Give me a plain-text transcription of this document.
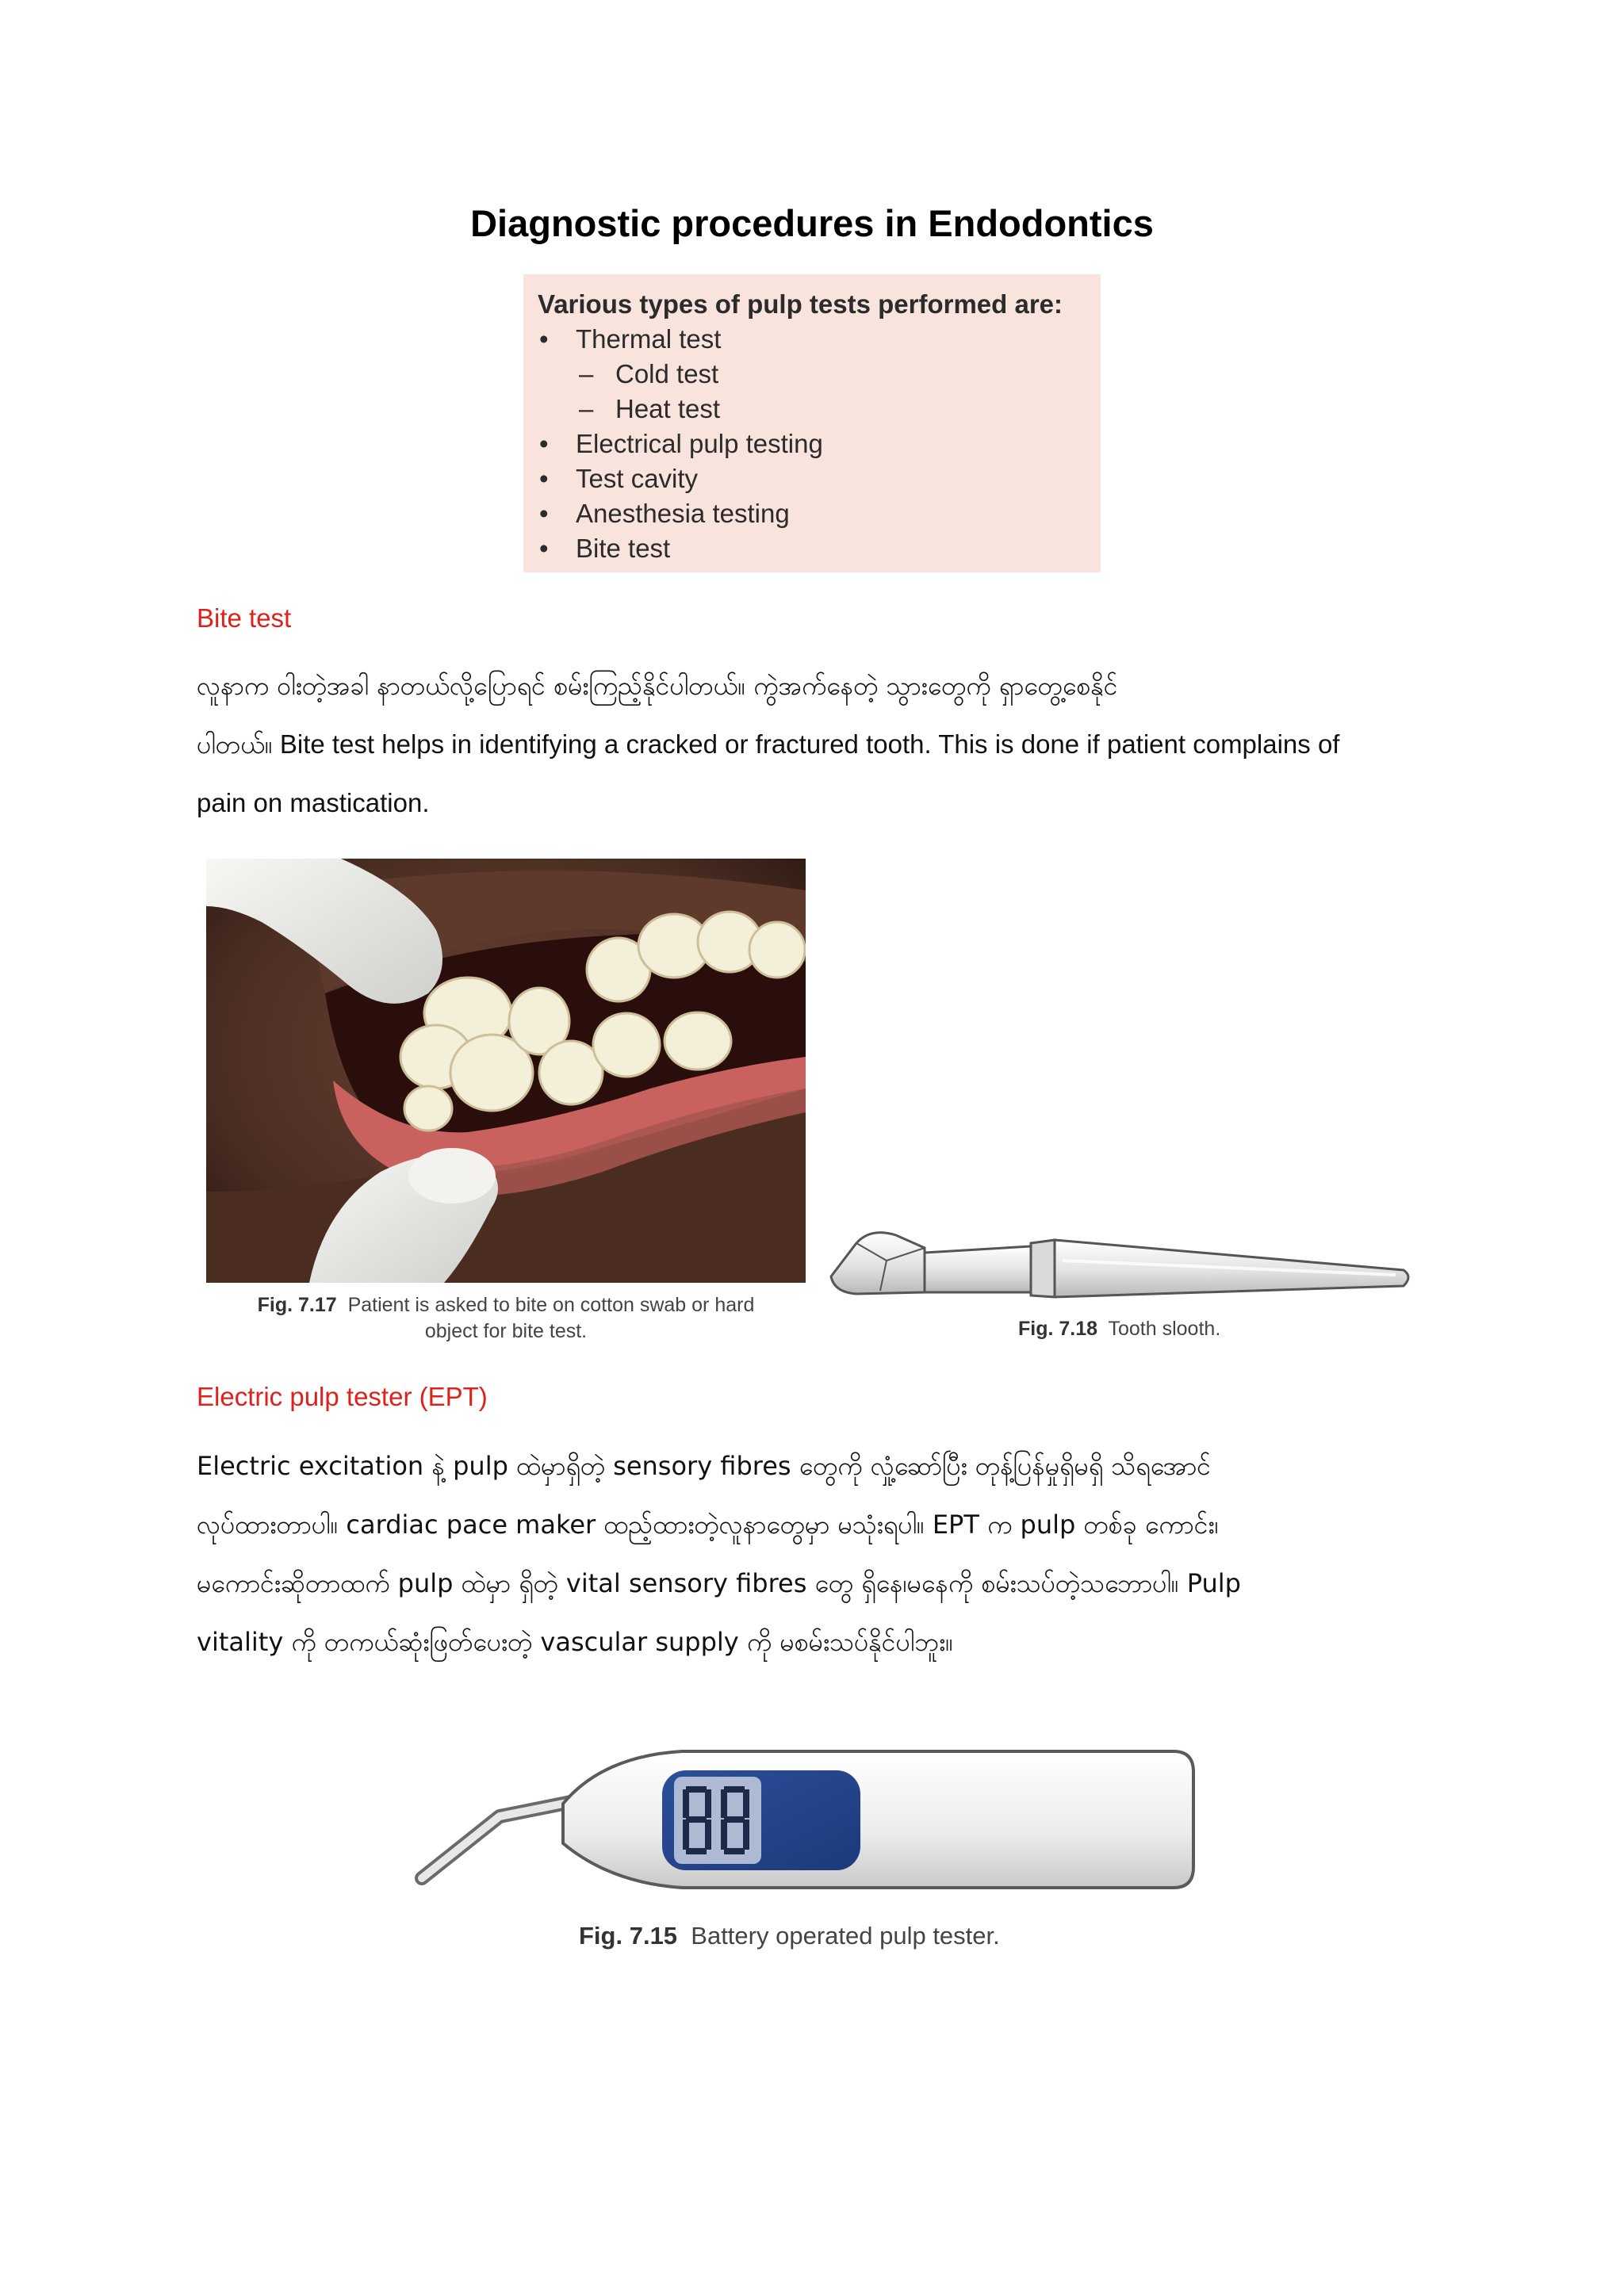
Diagnostic procedures in Endodontics
Various types of pulp tests performed are:
• Thermal test
– Cold test
– Heat test
• Electrical pulp testing
• Test cavity
• Anesthesia testing
• Bite test
Bite test
လူနာက ဝါးတဲ့အခါ နာတယ်လို့ပြောရင် စမ်းကြည့်နိုင်ပါတယ်။ ကွဲအက်နေတဲ့ သွားတွေကို ရှာတွေ့စေနိုင်
ပါတယ်။ Bite test helps in identifying a cracked or fractured tooth. This is done if patient complains of
pain on mastication.
Fig. 7.17 Patient is asked to bite on cotton swab or hard
object for bite test.	Fig. 7.18 Tooth slooth.
Electric pulp tester (EPT)
Electric excitation နဲ့ pulp ထဲမှာရှိတဲ့ sensory fibres တွေကို လှုံ့ဆော်ပြီး တုန့်ပြန်မှုရှိမရှိ သိရအောင်
လုပ်ထားတာပါ။ cardiac pace maker ထည့်ထားတဲ့လူနာတွေမှာ မသုံးရပါ။ EPT က pulp တစ်ခု ကောင်း၊
မကောင်းဆိုတာထက် pulp ထဲမှာ ရှိတဲ့ vital sensory fibres တွေ ရှိနေ၊မနေကို စမ်းသပ်တဲ့သဘောပါ။ Pulp
vitality ကို တကယ်ဆုံးဖြတ်ပေးတဲ့ vascular supply ကို မစမ်းသပ်နိုင်ပါဘူး။
Fig. 7.15 Battery operated pulp tester.
